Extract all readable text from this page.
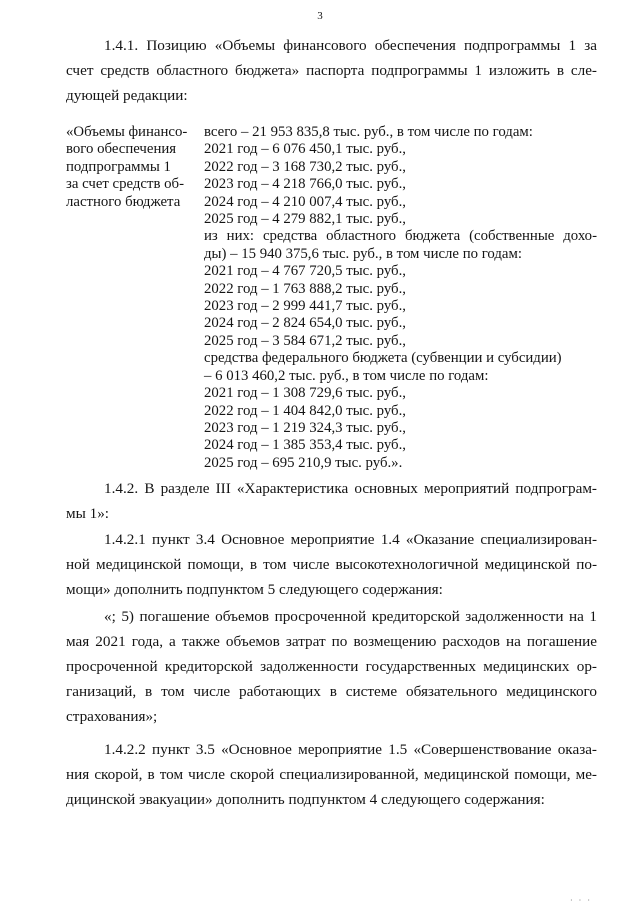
3
1.4.1. Позицию «Объемы финансового обеспечения подпрограммы 1 за
счет средств областного бюджета» паспорта подпрограммы 1 изложить в сле-
дующей редакции:
«Объемы финансо-
вого обеспечения
подпрограммы 1
за счет средств об-
ластного бюджета
всего – 21 953 835,8 тыс. руб., в том числе по годам:
2021 год – 6 076 450,1 тыс. руб.,
2022 год – 3 168 730,2 тыс. руб.,
2023 год – 4 218 766,0 тыс. руб.,
2024 год – 4 210 007,4 тыс. руб.,
2025 год – 4 279 882,1 тыс. руб.,
из них: средства областного бюджета (собственные дохо-
ды) – 15 940 375,6 тыс. руб., в том числе по годам:
2021 год – 4 767 720,5 тыс. руб.,
2022 год – 1 763 888,2 тыс. руб.,
2023 год – 2 999 441,7 тыс. руб.,
2024 год – 2 824 654,0 тыс. руб.,
2025 год – 3 584 671,2 тыс. руб.,
средства федерального бюджета (субвенции и субсидии)
– 6 013 460,2 тыс. руб., в том числе по годам:
2021 год – 1 308 729,6 тыс. руб.,
2022 год – 1 404 842,0 тыс. руб.,
2023 год – 1 219 324,3 тыс. руб.,
2024 год – 1 385 353,4 тыс. руб.,
2025 год – 695 210,9 тыс. руб.».
1.4.2. В разделе III «Характеристика основных мероприятий подпрограм-
мы 1»:
1.4.2.1 пункт 3.4 Основное мероприятие 1.4 «Оказание специализирован-
ной медицинской помощи, в том числе высокотехнологичной медицинской по-
мощи» дополнить подпунктом 5 следующего содержания:
«; 5) погашение объемов просроченной кредиторской задолженности на 1
мая 2021 года, а также объемов затрат по возмещению расходов на погашение
просроченной кредиторской задолженности государственных медицинских ор-
ганизаций, в том числе работающих в системе обязательного медицинского
страхования»;
1.4.2.2 пункт 3.5 «Основное мероприятие 1.5 «Совершенствование оказа-
ния скорой, в том числе скорой специализированной, медицинской помощи, ме-
дицинской эвакуации» дополнить подпунктом 4 следующего содержания:
· · ·
